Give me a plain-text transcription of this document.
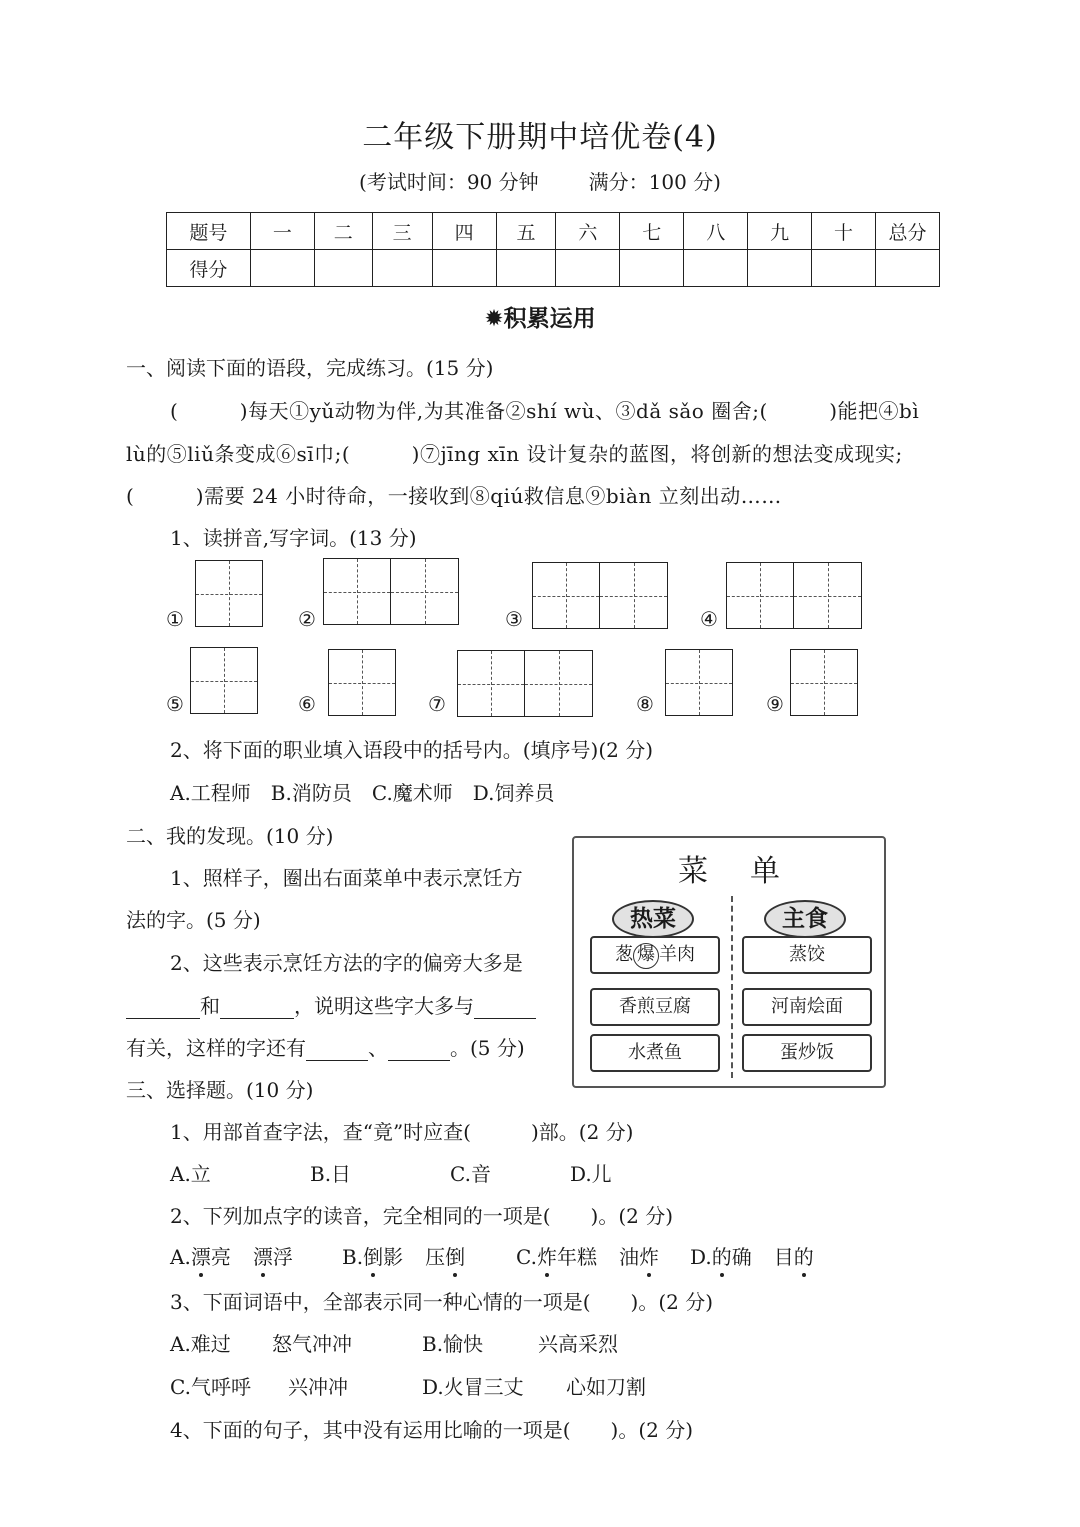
二年级下册期中培优卷(4)
(考试时间：90 分钟	满分：100 分)
题号	一	二	三	四	五	六	七	八	九	十	总分
得分											
✹积累运用
一、阅读下面的语段，完成练习。(15 分)
(　　　)每天①yǔ动物为伴,为其准备②shí wù、③dǎ sǎo 圈舍;(　　　)能把④bì
lù的⑤liǔ条变成⑥sī巾;(　　　)⑦jīng xīn 设计复杂的蓝图，将创新的想法变成现实;
(　　　)需要 24 小时待命，一接收到⑧qiú救信息⑨biàn 立刻出动……
1、读拼音,写字词。(13 分)
①	②	③	④
⑤	⑥	⑦	⑧	⑨
2、将下面的职业填入语段中的括号内。(填序号)(2 分)
A.工程师　B.消防员　C.魔术师　D.饲养员
二、我的发现。(10 分)
1、照样子，圈出右面菜单中表示烹饪方
法的字。(5 分)
2、这些表示烹饪方法的字的偏旁大多是
和	，说明这些字大多与
有关，这样的字还有	、	。(5 分)
菜单
热菜	主食
葱 爆 羊肉
香煎豆腐
水煮鱼
蒸饺
河南烩面
蛋炒饭
三、选择题。(10 分)
1、用部首查字法，查“竟”时应查(　　　)部。(2 分)
A.立	B.日	C.音	D.儿
2、下列加点字的读音，完全相同的一项是(　　)。(2 分)
A.漂亮 漂浮 B.倒影 压倒	C.炸年糕 油炸 D.的确 目的
3、下面词语中，全部表示同一种心情的一项是(　　)。(2 分)
A.难过 怒气冲冲	B.愉快	兴高采烈
C.气呼呼 兴冲冲	D.火冒三丈 心如刀割
4、下面的句子，其中没有运用比喻的一项是(　　)。(2 分)
